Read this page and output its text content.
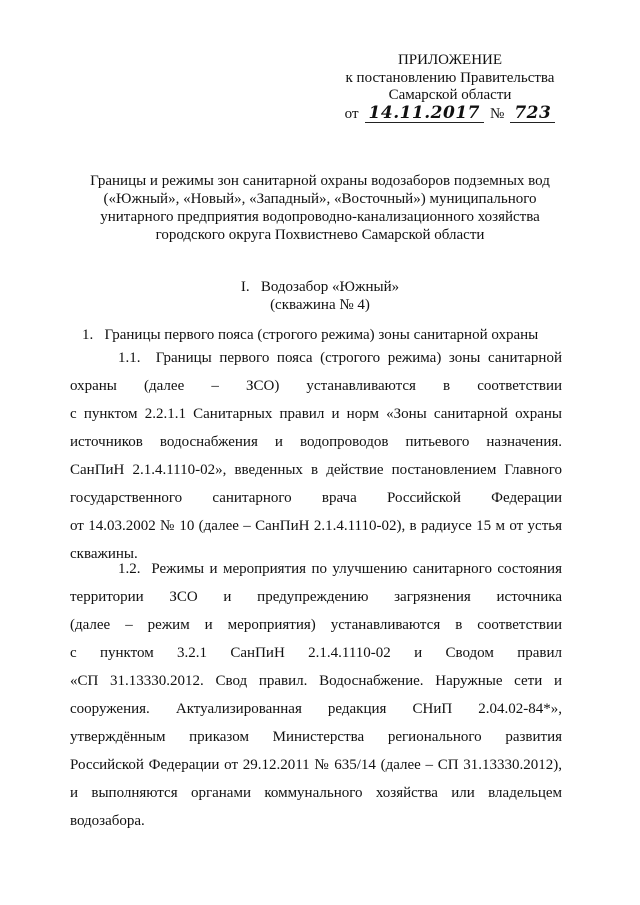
ПРИЛОЖЕНИЕ
к постановлению Правительства
Самарской области
от 14.11.2017 № 723
Границы и режимы зон санитарной охраны водозаборов подземных вод
(«Южный», «Новый», «Западный», «Восточный») муниципального
унитарного предприятия водопроводно-канализационного хозяйства
городского округа Похвистнево Самарской области
I.   Водозабор «Южный»
(скважина № 4)
1.   Границы первого пояса (строгого режима) зоны санитарной охраны
1.1.  Границы первого пояса (строгого режима) зоны санитарной
охраны    (далее    –    ЗСО)    устанавливаются    в    соответствии
с пунктом 2.2.1.1 Санитарных правил и норм «Зоны санитарной охраны
источников водоснабжения и водопроводов питьевого назначения.
СанПиН 2.1.4.1110-02», введенных в действие постановлением Главного
государственного    санитарного    врача    Российской    Федерации
от 14.03.2002 № 10 (далее – СанПиН 2.1.4.1110-02), в радиусе 15 м от устья
скважины.
1.2.  Режимы и мероприятия по улучшению санитарного состояния
территории    ЗСО    и    предупреждению    загрязнения    источника
(далее – режим и мероприятия) устанавливаются в соответствии
с    пунктом    3.2.1    СанПиН    2.1.4.1110-02    и    Сводом    правил
«СП 31.13330.2012. Свод правил. Водоснабжение. Наружные сети и
сооружения.    Актуализированная    редакция    СНиП    2.04.02-84*»,
утверждённым    приказом    Министерства    регионального    развития
Российской Федерации от 29.12.2011 № 635/14 (далее – СП 31.13330.2012),
и выполняются органами коммунального хозяйства или владельцем
водозабора.
